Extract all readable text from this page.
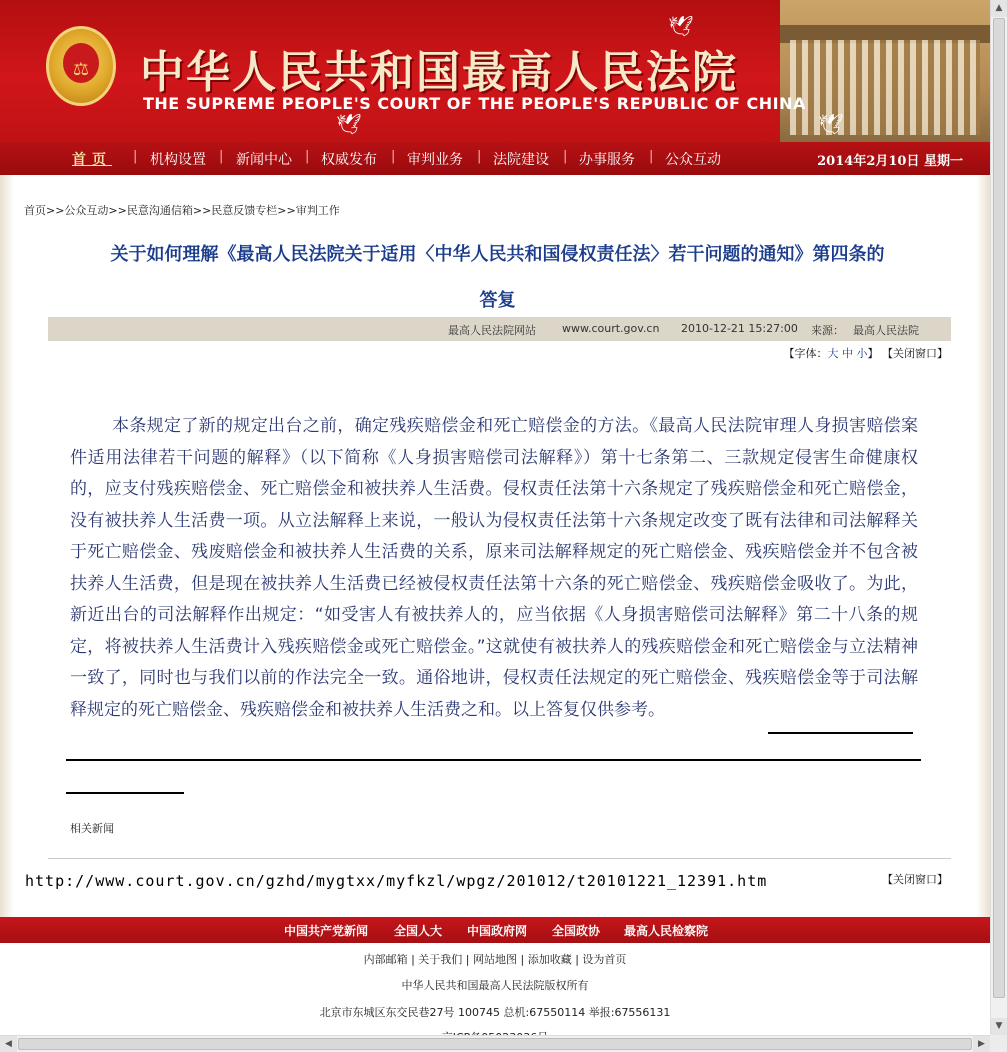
⚖
🕊
🕊	🕊
中华人民共和国最高人民法院
THE SUPREME PEOPLE'S COURT OF THE PEOPLE'S REPUBLIC OF CHINA
首页 | 机构设置 | 新闻中心 | 权威发布 | 审判业务 | 法院建设 | 办事服务 | 公众互动	2014年2月10日 星期一
首页>>公众互动>>民意沟通信箱>>民意反馈专栏>>审判工作
关于如何理解《最高人民法院关于适用〈中华人民共和国侵权责任法〉若干问题的通知》第四条的
答复
最高人民法院网站 www.court.gov.cn 2010-12-21 15:27:00 来源： 最高人民法院
【字体：大 中 小】 【关闭窗口】
本条规定了新的规定出台之前，确定残疾赔偿金和死亡赔偿金的方法。《最高人民法院审理人身损害赔偿案件适用法律若干问题的解释》（以下简称《人身损害赔偿司法解释》）第十七条第二、三款规定侵害生命健康权的，应支付残疾赔偿金、死亡赔偿金和被扶养人生活费。侵权责任法第十六条规定了残疾赔偿金和死亡赔偿金，没有被扶养人生活费一项。从立法解释上来说，一般认为侵权责任法第十六条规定改变了既有法律和司法解释关于死亡赔偿金、残废赔偿金和被扶养人生活费的关系，原来司法解释规定的死亡赔偿金、残疾赔偿金并不包含被扶养人生活费，但是现在被扶养人生活费已经被侵权责任法第十六条的死亡赔偿金、残疾赔偿金吸收了。为此，新近出台的司法解释作出规定：“如受害人有被扶养人的，应当依据《人身损害赔偿司法解释》第二十八条的规定，将被扶养人生活费计入残疾赔偿金或死亡赔偿金。”这就使有被扶养人的残疾赔偿金和死亡赔偿金与立法精神一致了，同时也与我们以前的作法完全一致。通俗地讲，侵权责任法规定的死亡赔偿金、残疾赔偿金等于司法解释规定的死亡赔偿金、残疾赔偿金和被扶养人生活费之和。以上答复仅供参考。
相关新闻
http://www.court.gov.cn/gzhd/mygtxx/myfkzl/wpgz/201012/t20101221_12391.htm	【关闭窗口】
中国共产党新闻 全国人大 中国政府网 全国政协 最高人民检察院
内部邮箱 | 关于我们 | 网站地图 | 添加收藏 | 设为首页
中华人民共和国最高人民法院版权所有
北京市东城区东交民巷27号 100745 总机:67550114 举报:67556131
▲
▼
◀	▶
